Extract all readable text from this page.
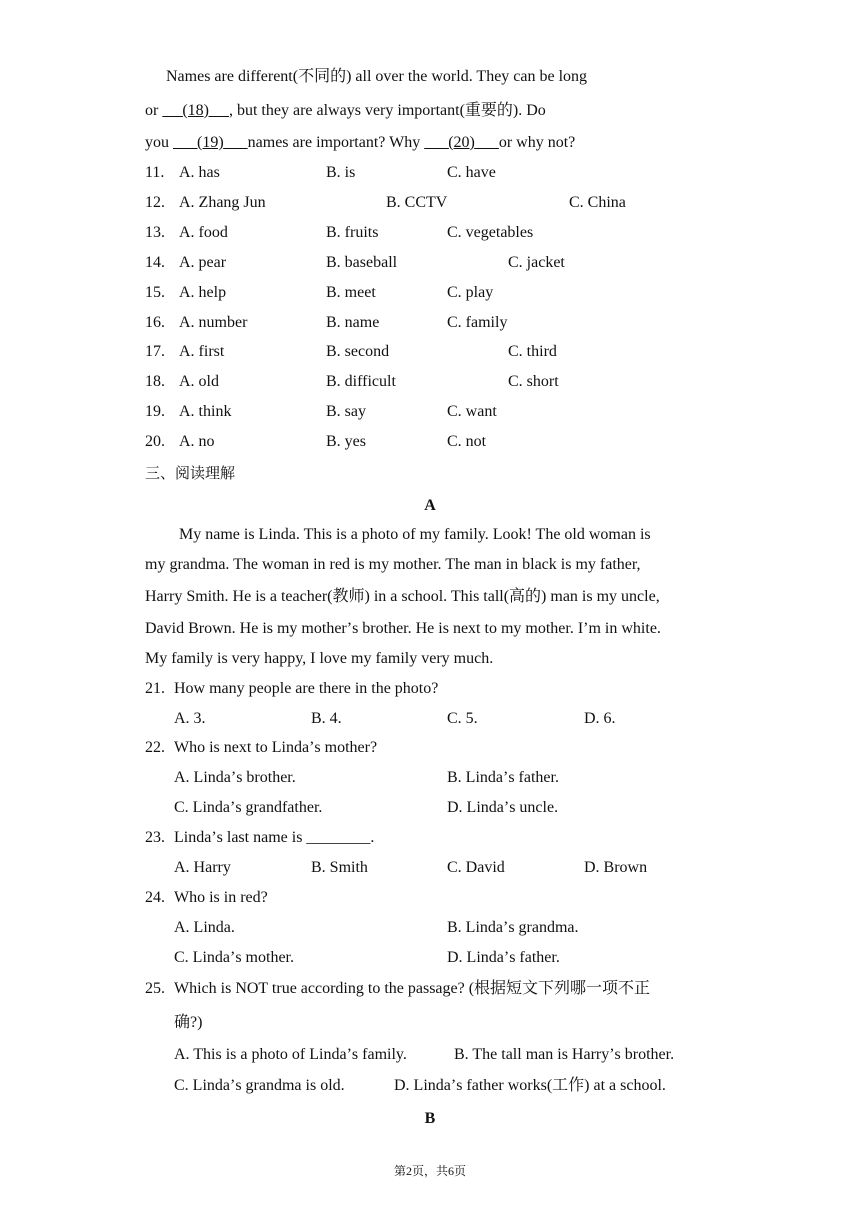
Names are different(不同的) all over the world. They can be long
or      (18) , but they are always very important(重要的). Do
you       (19) names are important? Why       (20) or why not?
11. A. has	B. is	C. have
12. A. Zhang Jun	B. CCTV	C. China
13. A. food	B. fruits	C. vegetables
14. A. pear	B. baseball	C. jacket
15. A. help	B. meet	C. play
16. A. number	B. name	C. family
17. A. first	B. second	C. third
18. A. old	B. difficult	C. short
19. A. think	B. say	C. want
20. A. no	B. yes	C. not
三、阅读理解
A
My name is Linda. This is a photo of my family. Look! The old woman is
my grandma. The woman in red is my mother. The man in black is my father,
Harry Smith. He is a teacher(教师) in a school. This tall(高的) man is my uncle,
David Brown. He is my motherʼs brother. He is next to my mother. Iʼm in white.
My family is very happy, I love my family very much.
21. How many people are there in the photo?
A. 3.	B. 4.	C. 5.	D. 6.
22. Who is next to Lindaʼs mother?
A. Lindaʼs brother.	B. Lindaʼs father.
C. Lindaʼs grandfather.	D. Lindaʼs uncle.
23. Lindaʼs last name is ________.
A. Harry	B. Smith	C. David	D. Brown
24. Who is in red?
A. Linda.	B. Lindaʼs grandma.
C. Lindaʼs mother.	D. Lindaʼs father.
25. Which is NOT true according to the passage? (根据短文下列哪一项不正
确?)
A. This is a photo of Lindaʼs family.	B. The tall man is Harryʼs brother.
C. Lindaʼs grandma is old.	D. Lindaʼs father works(工作) at a school.
B
第2页，共6页
